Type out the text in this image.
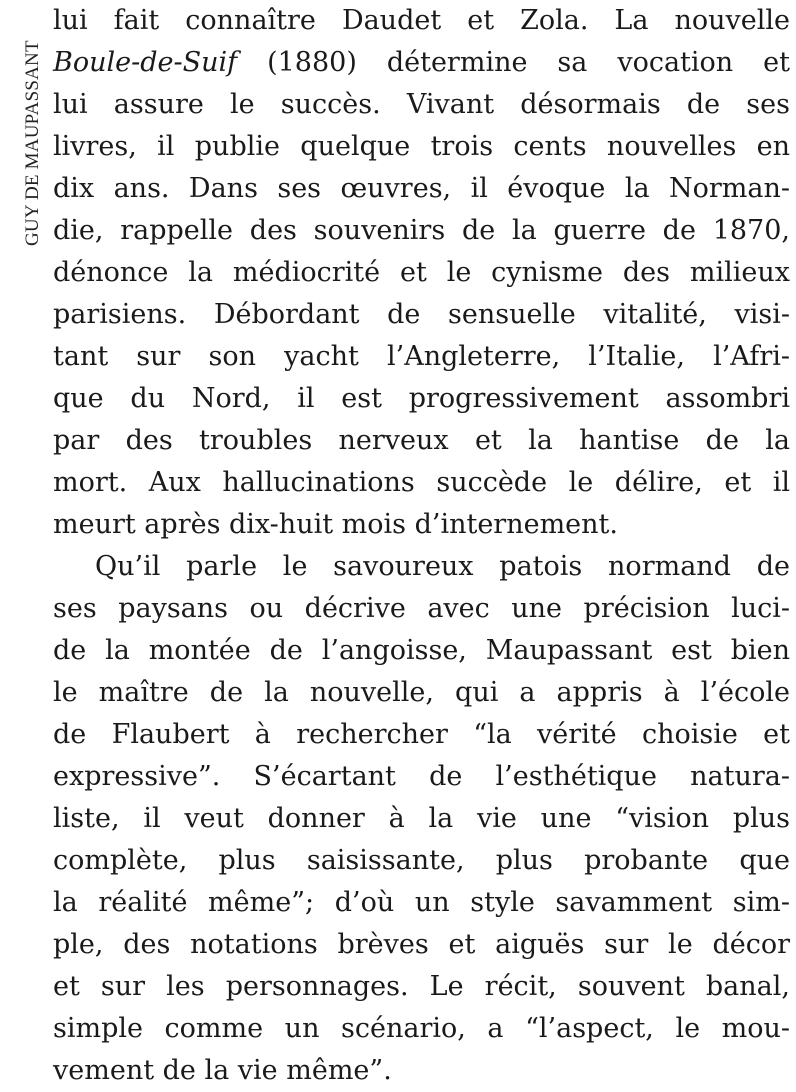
GUY DE MAUPASSANT
lui fait connaître Daudet et Zola. La nouvelle
Boule-de-Suif (1880) détermine sa vocation et
lui assure le succès. Vivant désormais de ses
livres, il publie quelque trois cents nouvelles en
dix ans. Dans ses œuvres, il évoque la Norman-
die, rappelle des souvenirs de la guerre de 1870,
dénonce la médiocrité et le cynisme des milieux
parisiens. Débordant de sensuelle vitalité, visi-
tant sur son yacht l’Angleterre, l’Italie, l’Afri-
que du Nord, il est progressivement assombri
par des troubles nerveux et la hantise de la
mort. Aux hallucinations succède le délire, et il
meurt après dix-huit mois d’internement.
Qu’il parle le savoureux patois normand de
ses paysans ou décrive avec une précision luci-
de la montée de l’angoisse, Maupassant est bien
le maître de la nouvelle, qui a appris à l’école
de Flaubert à rechercher “la vérité choisie et
expressive”. S’écartant de l’esthétique natura-
liste, il veut donner à la vie une “vision plus
complète, plus saisissante, plus probante que
la réalité même”; d’où un style savamment sim-
ple, des notations brèves et aiguës sur le décor
et sur les personnages. Le récit, souvent banal,
simple comme un scénario, a “l’aspect, le mou-
vement de la vie même”.
